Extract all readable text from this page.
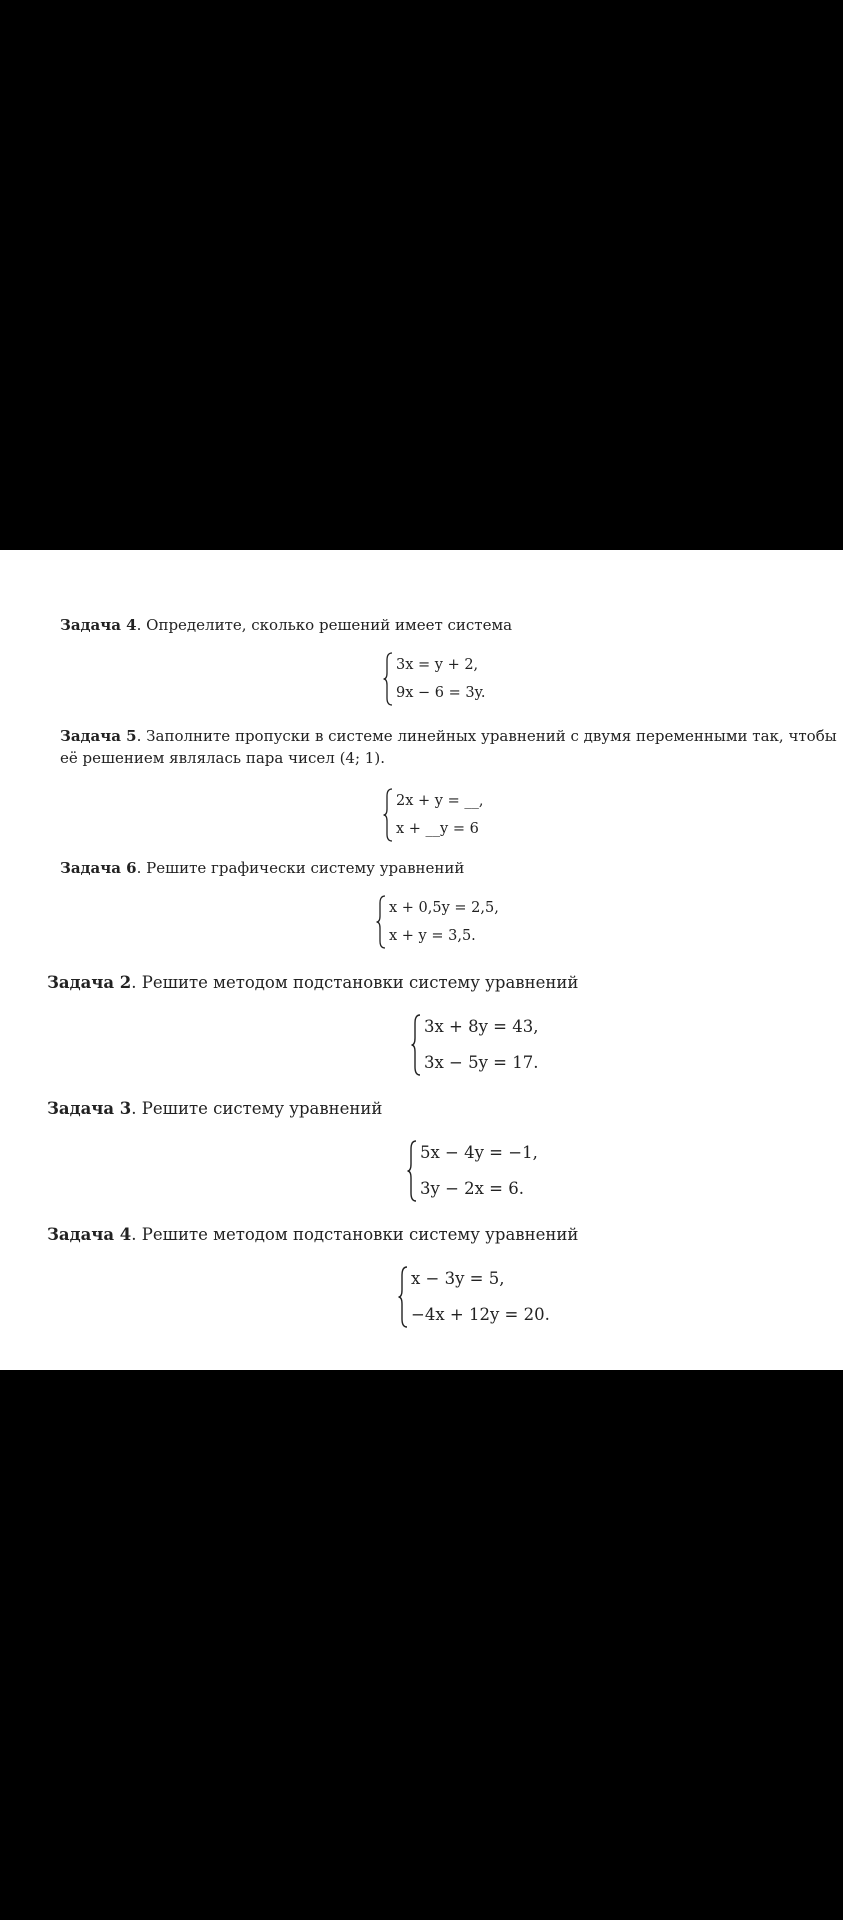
Задача 4. Определите, сколько решений имеет система
3x = y + 2,
9x − 6 = 3y.
Задача 5. Заполните пропуски в системе линейных уравнений с двумя переменными так, чтобы
её решением являлась пара чисел (4; 1).
2x + y = __,
x + __y = 6
Задача 6. Решите графически систему уравнений
x + 0,5y = 2,5,
x + y = 3,5.
Задача 2. Решите методом подстановки систему уравнений
3x + 8y = 43,
3x − 5y = 17.
Задача 3. Решите систему уравнений
5x − 4y = −1,
3y − 2x = 6.
Задача 4. Решите методом подстановки систему уравнений
x − 3y = 5,
−4x + 12y = 20.
